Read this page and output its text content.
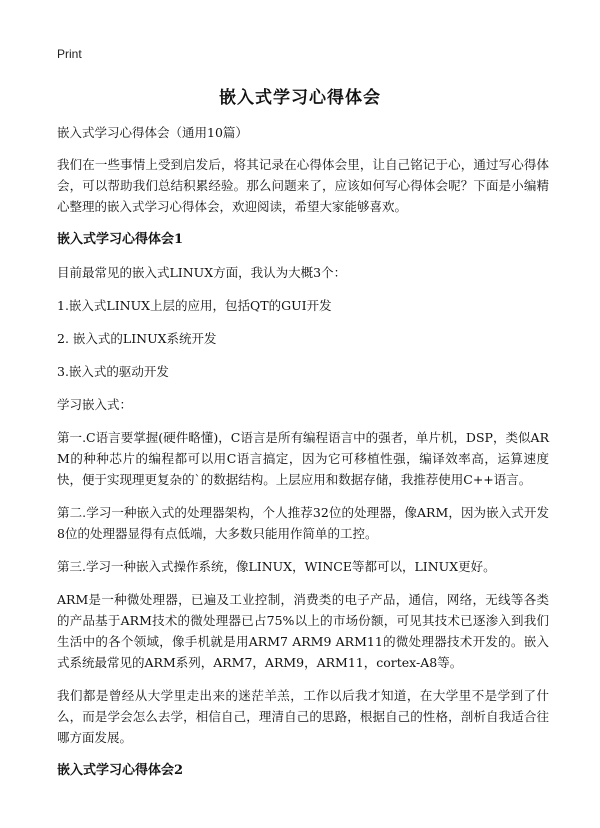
Print
嵌入式学习心得体会

嵌入式学习心得体会（通用10篇）

我们在一些事情上受到启发后，将其记录在心得体会里，让自己铭记于心，通过写心得体会，可以帮助我们总结积累经验。那么问题来了，应该如何写心得体会呢？下面是小编精心整理的嵌入式学习心得体会，欢迎阅读，希望大家能够喜欢。

嵌入式学习心得体会1

目前最常见的嵌入式LINUX方面，我认为大概3个：

1.嵌入式LINUX上层的应用，包括QT的GUI开发

2. 嵌入式的LINUX系统开发

3.嵌入式的驱动开发

学习嵌入式：

第一.C语言要掌握(硬件略懂)，C语言是所有编程语言中的强者，单片机，DSP，类似ARM的种种芯片的编程都可以用C语言搞定，因为它可移植性强，编译效率高，运算速度快，便于实现理更复杂的`的数据结构。上层应用和数据存储，我推荐使用C++语言。

第二.学习一种嵌入式的处理器架构，个人推荐32位的处理器，像ARM，因为嵌入式开发8位的处理器显得有点低端，大多数只能用作简单的工控。

第三.学习一种嵌入式操作系统，像LINUX，WINCE等都可以，LINUX更好。

ARM是一种微处理器，已遍及工业控制，消费类的电子产品，通信，网络，无线等各类的产品基于ARM技术的微处理器已占75%以上的市场份额，可见其技术已逐渗入到我们生活中的各个领域，像手机就是用ARM7 ARM9 ARM11的微处理器技术开发的。嵌入式系统最常见的ARM系列，ARM7，ARM9，ARM11，cortex-A8等。

我们都是曾经从大学里走出来的迷茫羊羔，工作以后我才知道，在大学里不是学到了什么，而是学会怎么去学，相信自己，理清自己的思路，根据自己的性格，剖析自我适合往哪方面发展。

嵌入式学习心得体会2
